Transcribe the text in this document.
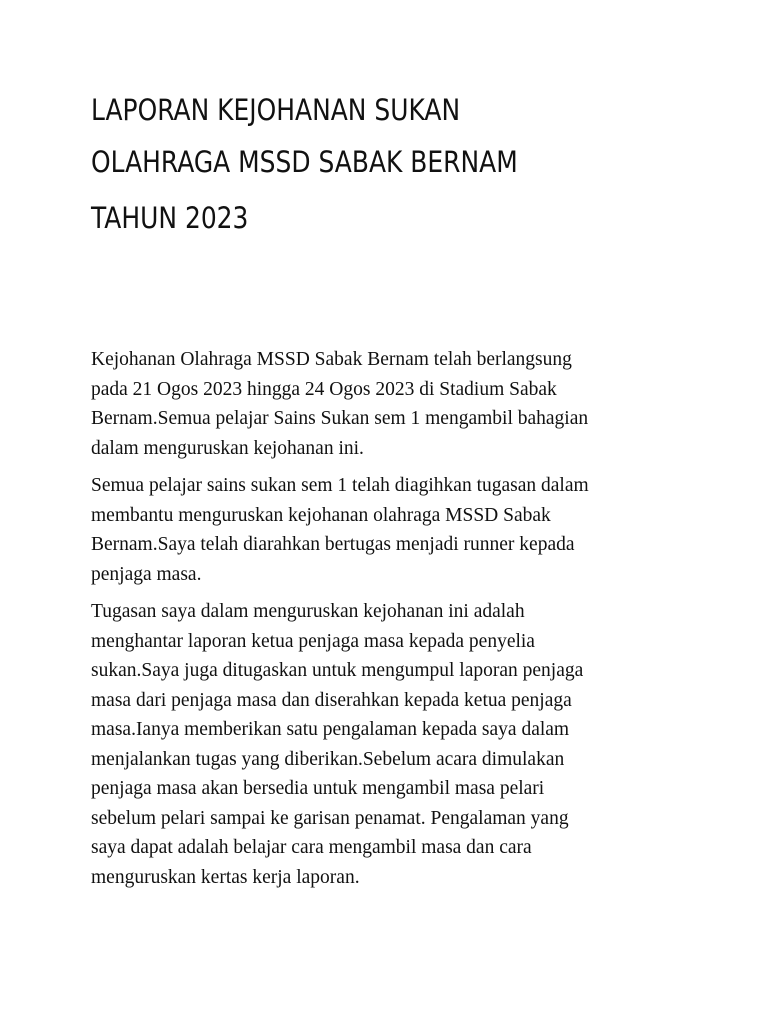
LAPORAN KEJOHANAN SUKAN
OLAHRAGA MSSD SABAK BERNAM
TAHUN 2023

Kejohanan Olahraga MSSD Sabak Bernam telah berlangsung
pada 21 Ogos 2023 hingga 24 Ogos 2023 di Stadium Sabak
Bernam.Semua pelajar Sains Sukan sem 1 mengambil bahagian
dalam menguruskan kejohanan ini.

Semua pelajar sains sukan sem 1 telah diagihkan tugasan dalam
membantu menguruskan kejohanan olahraga MSSD Sabak
Bernam.Saya telah diarahkan bertugas menjadi runner kepada
penjaga masa.

Tugasan saya dalam menguruskan kejohanan ini adalah
menghantar laporan ketua penjaga masa kepada penyelia
sukan.Saya juga ditugaskan untuk mengumpul laporan penjaga
masa dari penjaga masa dan diserahkan kepada ketua penjaga
masa.Ianya memberikan satu pengalaman kepada saya dalam
menjalankan tugas yang diberikan.Sebelum acara dimulakan
penjaga masa akan bersedia untuk mengambil masa pelari
sebelum pelari sampai ke garisan penamat. Pengalaman yang
saya dapat adalah belajar cara mengambil masa dan cara
menguruskan kertas kerja laporan.
